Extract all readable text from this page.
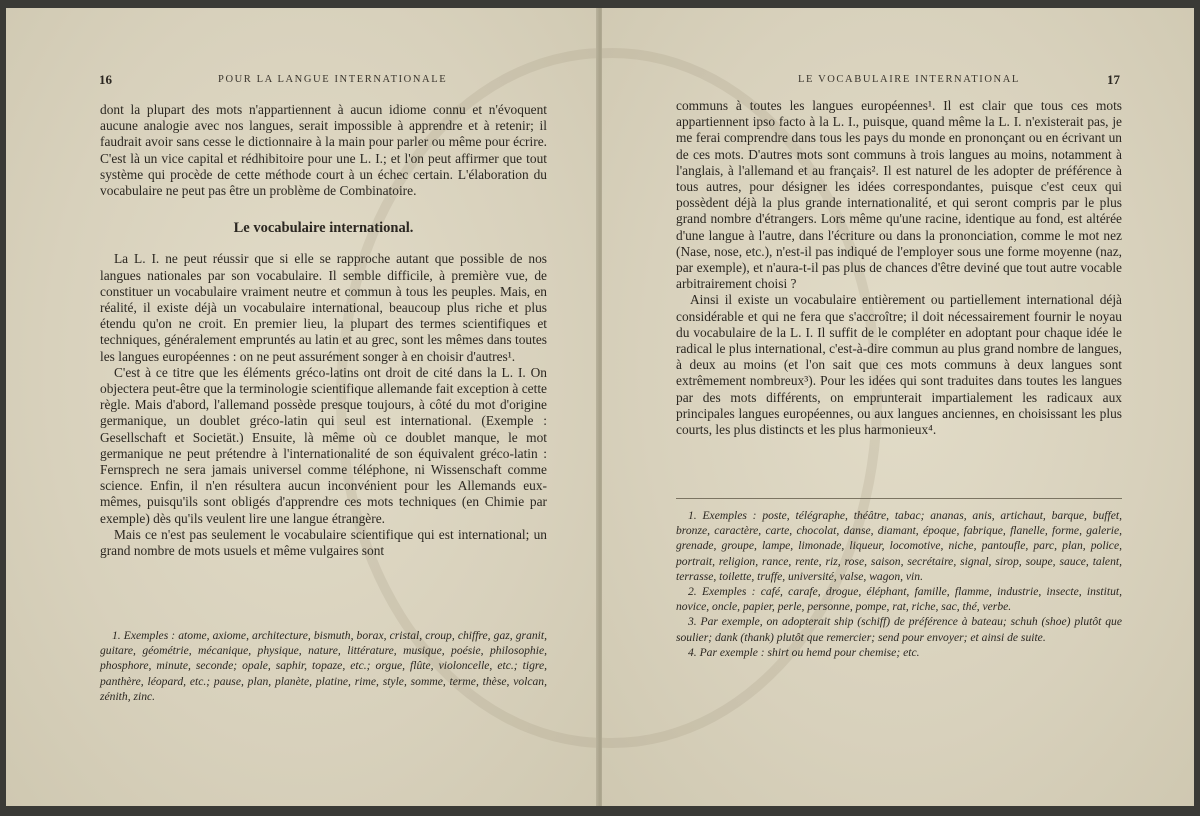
16	POUR LA LANGUE INTERNATIONALE

dont la plupart des mots n'appartiennent à aucun idiome connu et n'évoquent aucune analogie avec nos langues, serait impossible à apprendre et à retenir; il faudrait avoir sans cesse le dictionnaire à la main pour parler ou même pour écrire. C'est là un vice capital et rédhibitoire pour une L. I.; et l'on peut affirmer que tout système qui procède de cette méthode court à un échec certain. L'élaboration du vocabulaire ne peut pas être un problème de Combinatoire.

Le vocabulaire international.

La L. I. ne peut réussir que si elle se rapproche autant que possible de nos langues nationales par son vocabulaire. Il semble difficile, à première vue, de constituer un vocabulaire vraiment neutre et commun à tous les peuples. Mais, en réalité, il existe déjà un vocabulaire international, beaucoup plus riche et plus étendu qu'on ne croit. En premier lieu, la plupart des termes scientifiques et techniques, généralement empruntés au latin et au grec, sont les mêmes dans toutes les langues européennes : on ne peut assurément songer à en choisir d'autres¹.

C'est à ce titre que les éléments gréco-latins ont droit de cité dans la L. I. On objectera peut-être que la terminologie scientifique allemande fait exception à cette règle. Mais d'abord, l'allemand possède presque toujours, à côté du mot d'origine germanique, un doublet gréco-latin qui seul est international. (Exemple : Gesellschaft et Societät.) Ensuite, là même où ce doublet manque, le mot germanique ne peut prétendre à l'internationalité de son équivalent gréco-latin : Fernsprech ne sera jamais universel comme téléphone, ni Wissenschaft comme science. Enfin, il n'en résultera aucun inconvénient pour les Allemands eux-mêmes, puisqu'ils sont obligés d'apprendre ces mots techniques (en Chimie par exemple) dès qu'ils veulent lire une langue étrangère.

Mais ce n'est pas seulement le vocabulaire scientifique qui est international; un grand nombre de mots usuels et même vulgaires sont

1. Exemples : atome, axiome, architecture, bismuth, borax, cristal, croup, chiffre, gaz, granit, guitare, géométrie, mécanique, physique, nature, littérature, musique, poésie, philosophie, phosphore, minute, seconde; opale, saphir, topaze, etc.; orgue, flûte, violoncelle, etc.; tigre, panthère, léopard, etc.; pause, plan, planète, platine, rime, style, somme, terme, thèse, volcan, zénith, zinc.

LE VOCABULAIRE INTERNATIONAL	17

communs à toutes les langues européennes¹. Il est clair que tous ces mots appartiennent ipso facto à la L. I., puisque, quand même la L. I. n'existerait pas, je me ferai comprendre dans tous les pays du monde en prononçant ou en écrivant un de ces mots. D'autres mots sont communs à trois langues au moins, notamment à l'anglais, à l'allemand et au français². Il est naturel de les adopter de préférence à tous autres, pour désigner les idées correspondantes, puisque c'est ceux qui possèdent déjà la plus grande internationalité, et qui seront compris par le plus grand nombre d'étrangers. Lors même qu'une racine, identique au fond, est altérée d'une langue à l'autre, dans l'écriture ou dans la prononciation, comme le mot nez (Nase, nose, etc.), n'est-il pas indiqué de l'employer sous une forme moyenne (naz, par exemple), et n'aura-t-il pas plus de chances d'être deviné que tout autre vocable arbitrairement choisi ?

Ainsi il existe un vocabulaire entièrement ou partiellement international déjà considérable et qui ne fera que s'accroître; il doit nécessairement fournir le noyau du vocabulaire de la L. I. Il suffit de le compléter en adoptant pour chaque idée le radical le plus international, c'est-à-dire commun au plus grand nombre de langues, à deux au moins (et l'on sait que ces mots communs à deux langues sont extrêmement nombreux³). Pour les idées qui sont traduites dans toutes les langues par des mots différents, on emprunterait impartialement les radicaux aux principales langues européennes, ou aux langues anciennes, en choisissant les plus courts, les plus distincts et les plus harmonieux⁴.

1. Exemples : poste, télégraphe, théâtre, tabac; ananas, anis, artichaut, barque, buffet, bronze, caractère, carte, chocolat, danse, diamant, époque, fabrique, flanelle, forme, galerie, grenade, groupe, lampe, limonade, liqueur, locomotive, niche, pantoufle, parc, plan, police, portrait, religion, rance, rente, riz, rose, saison, secrétaire, signal, sirop, soupe, sauce, talent, terrasse, toilette, truffe, université, valse, wagon, vin.

2. Exemples : café, carafe, drogue, éléphant, famille, flamme, industrie, insecte, institut, novice, oncle, papier, perle, personne, pompe, rat, riche, sac, thé, verbe.

3. Par exemple, on adopterait ship (schiff) de préférence à bateau; schuh (shoe) plutôt que soulier; dank (thank) plutôt que remercier; send pour envoyer; et ainsi de suite.

4. Par exemple : shirt ou hemd pour chemise; etc.
